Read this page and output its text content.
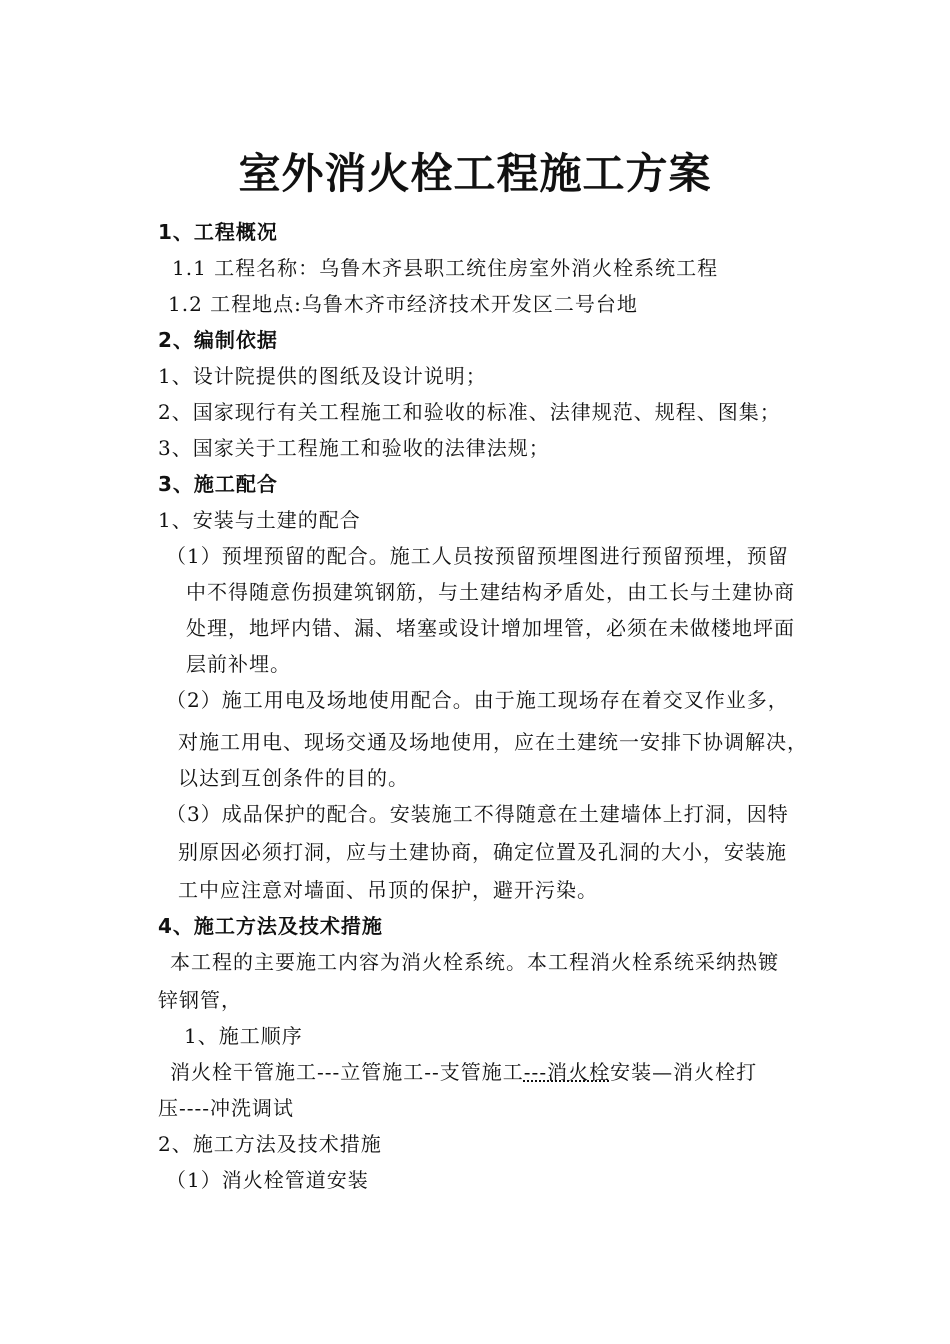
室外消火栓工程施工方案
1、工程概况
1.1 工程名称：乌鲁木齐县职工统住房室外消火栓系统工程
1.2 工程地点:乌鲁木齐市经济技术开发区二号台地
2、编制依据
1、设计院提供的图纸及设计说明；
2、国家现行有关工程施工和验收的标准、法律规范、规程、图集；
3、国家关于工程施工和验收的法律法规；
3、施工配合
1、安装与土建的配合
（1）预埋预留的配合。施工人员按预留预埋图进行预留预埋，预留
中不得随意伤损建筑钢筋，与土建结构矛盾处，由工长与土建协商
处理，地坪内错、漏、堵塞或设计增加埋管，必须在未做楼地坪面
层前补埋。
（2）施工用电及场地使用配合。由于施工现场存在着交叉作业多，
对施工用电、现场交通及场地使用，应在土建统一安排下协调解决，
以达到互创条件的目的。
（3）成品保护的配合。安装施工不得随意在土建墙体上打洞，因特
别原因必须打洞，应与土建协商，确定位置及孔洞的大小，安装施
工中应注意对墙面、吊顶的保护，避开污染。
4、施工方法及技术措施
本工程的主要施工内容为消火栓系统。本工程消火栓系统采纳热镀
锌钢管，
1、施工顺序
消火栓干管施工---立管施工--支管施工---消火栓安装—消火栓打
压----冲洗调试
2、施工方法及技术措施
（1）消火栓管道安装
